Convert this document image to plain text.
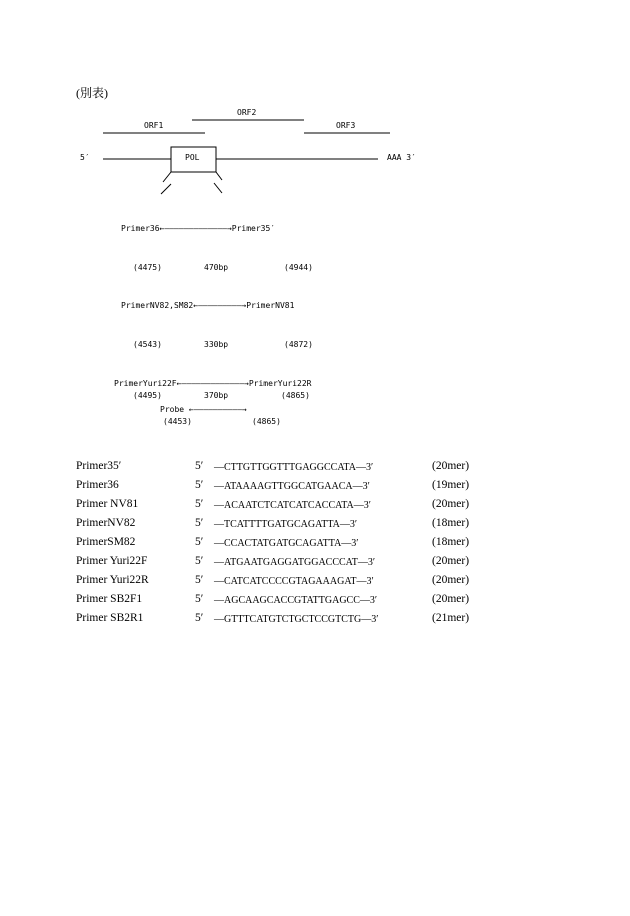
(別表)
ORF1
ORF2
ORF3
5′	POL	AAA 3′
Primer36←—————————————→Primer35′
(4475)	470bp	(4944)
PrimerNV82,SM82←—————————→PrimerNV81
(4543)	330bp	(4872)
PrimerYuri22F←—————————————→PrimerYuri22R
(4495)	370bp	(4865)
Probe ←——————————→
(4453)	(4865)
Primer35′	5′ —CTTGTTGGTTTGAGGCCATA—3′	(20mer)
Primer36	5′ —ATAAAAGTTGGCATGAACA—3′	(19mer)
Primer NV81	5′ —ACAATCTCATCATCACCATA—3′	(20mer)
PrimerNV82	5′ —TCATTTTGATGCAGATTA—3′	(18mer)
PrimerSM82	5′ —CCACTATGATGCAGATTA—3′	(18mer)
Primer Yuri22F	5′ —ATGAATGAGGATGGACCCAT—3′	(20mer)
Primer Yuri22R	5′ —CATCATCCCCGTAGAAAGAT—3′	(20mer)
Primer SB2F1	5′ —AGCAAGCACCGTATTGAGCC—3′	(20mer)
Primer SB2R1	5′ —GTTTCATGTCTGCTCCGTCTG—3′	(21mer)
